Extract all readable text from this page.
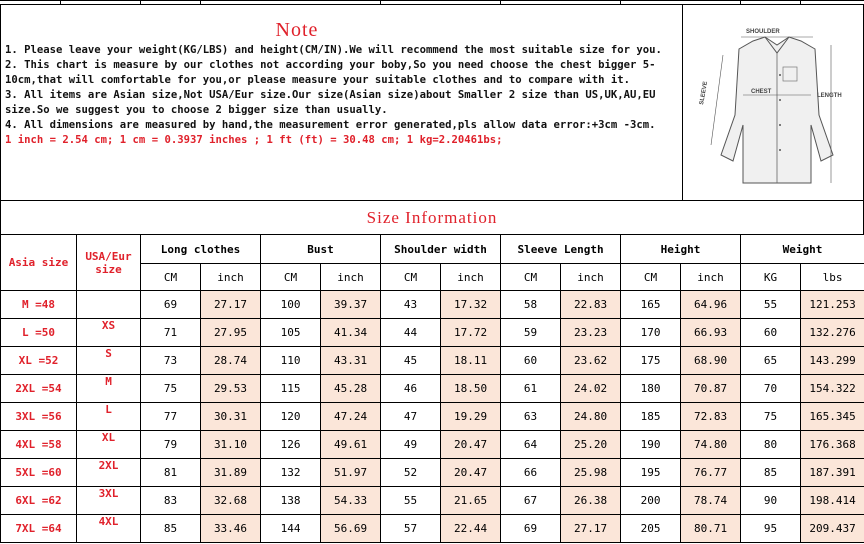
Note

1. Please leave your weight(KG/LBS) and height(CM/IN).We will recommend the most suitable size for you.

2. This chart is measure by our clothes not according your boby,So you need choose the chest bigger 5-10cm,that will comfortable for you,or please measure your suitable clothes and to compare with it.

3. All items are Asian size,Not USA/Eur size.Our size(Asian size)about Smaller 2 size than US,UK,AU,EU size.So we suggest you to choose 2 bigger size than usually.

4. All dimensions are measured by hand,the measurement error generated,pls allow data error:+3cm -3cm.

1 inch = 2.54 cm; 1 cm = 0.3937 inches ; 1 ft (ft) = 30.48 cm; 1 kg=2.20461bs;

SHOULDER
CHEST
LENGTH
SLEEVE
Size Information
Asia size	USA/Eur size	Long clothes		Bust		Shoulder width		Sleeve Length		Height		Weight	
		CM	inch	CM	inch	CM	inch	CM	inch	CM	inch	KG	lbs
M =48		69	27.17	100	39.37	43	17.32	58	22.83	165	64.96	55	121.253
L =50	XS	71	27.95	105	41.34	44	17.72	59	23.23	170	66.93	60	132.276
XL =52	S	73	28.74	110	43.31	45	18.11	60	23.62	175	68.90	65	143.299
2XL =54	M	75	29.53	115	45.28	46	18.50	61	24.02	180	70.87	70	154.322
3XL =56	L	77	30.31	120	47.24	47	19.29	63	24.80	185	72.83	75	165.345
4XL =58	XL	79	31.10	126	49.61	49	20.47	64	25.20	190	74.80	80	176.368
5XL =60	2XL	81	31.89	132	51.97	52	20.47	66	25.98	195	76.77	85	187.391
6XL =62	3XL	83	32.68	138	54.33	55	21.65	67	26.38	200	78.74	90	198.414
7XL =64	4XL	85	33.46	144	56.69	57	22.44	69	27.17	205	80.71	95	209.437
